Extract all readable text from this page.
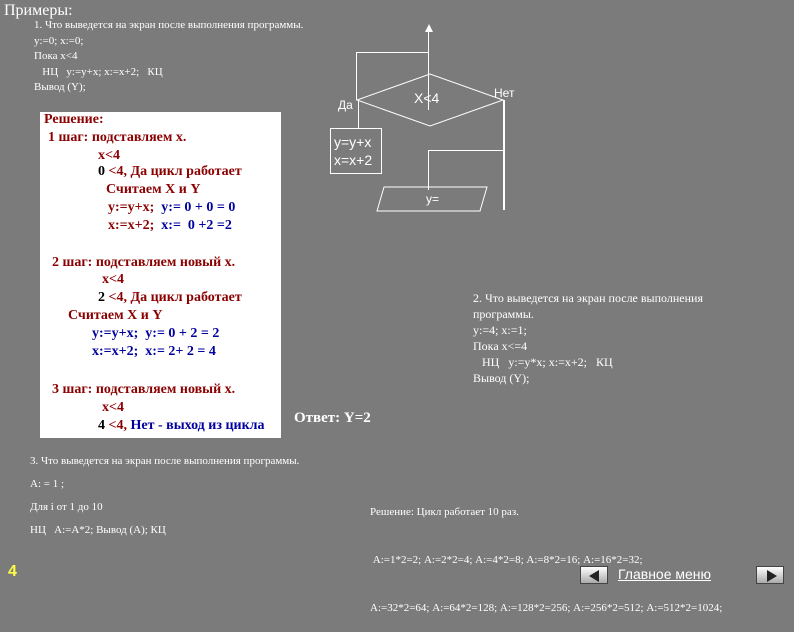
Примеры:
1. Что выведется на экран после выполнения программы.
y:=0; x:=0;
Пока x<4
НЦ   y:=y+x; x:=x+2;   КЦ
Вывод (Y);
Да	X<4	Нет
y=y+x
x=x+2
y=
Решение:
1 шаг: подставляем x.
x<4
0 <4, Да цикл работает
Считаем X и Y
y:=y+x;  y:= 0 + 0 = 0
x:=x+2;  x:=  0 +2 =2
2 шаг: подставляем новый x.
x<4
2 <4, Да цикл работает
Считаем X и Y
y:=y+x;  y:= 0 + 2 = 2
x:=x+2;  x:= 2+ 2 = 4
3 шаг: подставляем новый x.
x<4
4 <4, Нет - выход из цикла
2. Что выведется на экран после выполнения
программы.
y:=4; x:=1;
Пока x<=4
НЦ   y:=y*x; x:=x+2;   КЦ
Вывод (Y);
Ответ: Y=2
3. Что выведется на экран после выполнения программы.
А: = 1 ;
Для i от 1 до 10
НЦ   А:=А*2; Вывод (А); КЦ

Решение: Цикл работает 10 раз.

А:=1*2=2; А:=2*2=4; А:=4*2=8; А:=8*2=16; А:=16*2=32;

А:=32*2=64; А:=64*2=128; А:=128*2=256; А:=256*2=512; А:=512*2=1024;

4	Главное меню
